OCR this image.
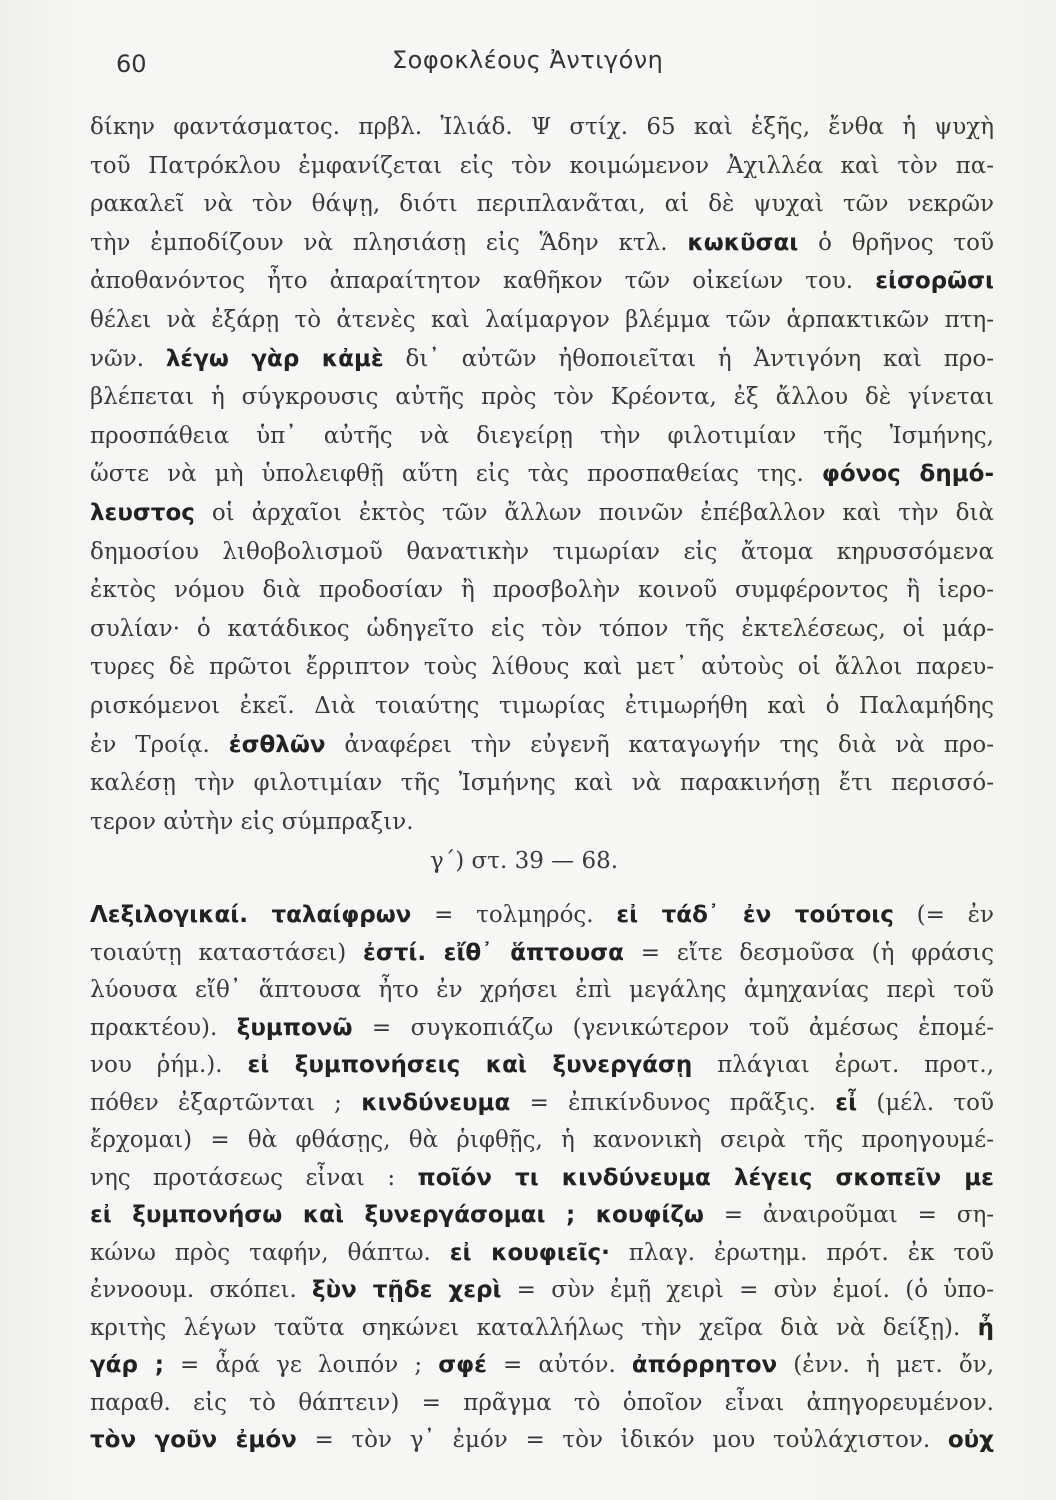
60	Σοφοκλέους Ἀντιγόνη
δίκην φαντάσματος. πρβλ. Ἰλιάδ. Ψ στίχ. 65 καὶ ἑξῆς, ἔνθα ἡ ψυχὴ
τοῦ Πατρόκλου ἐμφανίζεται εἰς τὸν κοιμώμενον Ἀχιλλέα καὶ τὸν πα-
ρακαλεῖ νὰ τὸν θάψῃ, διότι περιπλανᾶται, αἱ δὲ ψυχαὶ τῶν νεκρῶν
τὴν ἐμποδίζουν νὰ πλησιάσῃ εἰς Ἅδην κτλ. κωκῦσαι ὁ θρῆνος τοῦ
ἀποθανόντος ἦτο ἀπαραίτητον καθῆκον τῶν οἰκείων του. εἰσορῶσι
θέλει νὰ ἐξάρῃ τὸ ἀτενὲς καὶ λαίμαργον βλέμμα τῶν ἁρπακτικῶν πτη-
νῶν. λέγω γὰρ κἀμὲ δι᾽ αὐτῶν ἠθοποιεῖται ἡ Ἀντιγόνη καὶ προ-
βλέπεται ἡ σύγκρουσις αὐτῆς πρὸς τὸν Κρέοντα, ἐξ ἄλλου δὲ γίνεται
προσπάθεια ὑπ᾽ αὐτῆς νὰ διεγείρῃ τὴν φιλοτιμίαν τῆς Ἰσμήνης,
ὥστε νὰ μὴ ὑπολειφθῇ αὕτη εἰς τὰς προσπαθείας της. φόνος δημό-
λευστος οἱ ἀρχαῖοι ἐκτὸς τῶν ἄλλων ποινῶν ἐπέβαλλον καὶ τὴν διὰ
δημοσίου λιθοβολισμοῦ θανατικὴν τιμωρίαν εἰς ἄτομα κηρυσσόμενα
ἐκτὸς νόμου διὰ προδοσίαν ἢ προσβολὴν κοινοῦ συμφέροντος ἢ ἱερο-
συλίαν· ὁ κατάδικος ὡδηγεῖτο εἰς τὸν τόπον τῆς ἐκτελέσεως, οἱ μάρ-
τυρες δὲ πρῶτοι ἔρριπτον τοὺς λίθους καὶ μετ᾽ αὐτοὺς οἱ ἄλλοι παρευ-
ρισκόμενοι ἐκεῖ. Διὰ τοιαύτης τιμωρίας ἐτιμωρήθη καὶ ὁ Παλαμήδης
ἐν Τροίᾳ. ἐσθλῶν ἀναφέρει τὴν εὐγενῆ καταγωγήν της διὰ νὰ προ-
καλέσῃ τὴν φιλοτιμίαν τῆς Ἰσμήνης καὶ νὰ παρακινήσῃ ἔτι περισσό-
τερον αὐτὴν εἰς σύμπραξιν.
γ΄) στ. 39 — 68.
Λεξιλογικαί. ταλαίφρων = τολμηρός. εἰ τάδ᾽ ἐν τούτοις (= ἐν
τοιαύτῃ καταστάσει) ἐστί. εἴθ᾽ ἅπτουσα = εἴτε δεσμοῦσα (ἡ φράσις
λύουσα εἴθ᾽ ἅπτουσα ἦτο ἐν χρήσει ἐπὶ μεγάλης ἀμηχανίας περὶ τοῦ
πρακτέου). ξυμπονῶ = συγκοπιάζω (γενικώτερον τοῦ ἀμέσως ἑπομέ-
νου ῥήμ.). εἰ ξυμπονήσεις καὶ ξυνεργάσῃ πλάγιαι ἐρωτ. προτ.,
πόθεν ἐξαρτῶνται ; κινδύνευμα = ἐπικίνδυνος πρᾶξις. εἶ (μέλ. τοῦ
ἔρχομαι) = θὰ φθάσῃς, θὰ ῥιφθῇς, ἡ κανονικὴ σειρὰ τῆς προηγουμέ-
νης προτάσεως εἶναι : ποῖόν τι κινδύνευμα λέγεις σκοπεῖν με
εἰ ξυμπονήσω καὶ ξυνεργάσομαι ; κουφίζω = ἀναιροῦμαι = ση-
κώνω πρὸς ταφήν, θάπτω. εἰ κουφιεῖς· πλαγ. ἐρωτημ. πρότ. ἐκ τοῦ
ἐννοουμ. σκόπει. ξὺν τῇδε χερὶ = σὺν ἐμῇ χειρὶ = σὺν ἐμοί. (ὁ ὑπο-
κριτὴς λέγων ταῦτα σηκώνει καταλλήλως τὴν χεῖρα διὰ νὰ δείξῃ). ἦ
γάρ ; = ἆρά γε λοιπόν ; σφέ = αὐτόν. ἀπόρρητον (ἐνν. ἡ μετ. ὄν,
παραθ. εἰς τὸ θάπτειν) = πρᾶγμα τὸ ὁποῖον εἶναι ἀπηγορευμένον.
τὸν γοῦν ἐμόν = τὸν γ᾽ ἐμόν = τὸν ἰδικόν μου τοὐλάχιστον. οὐχ
